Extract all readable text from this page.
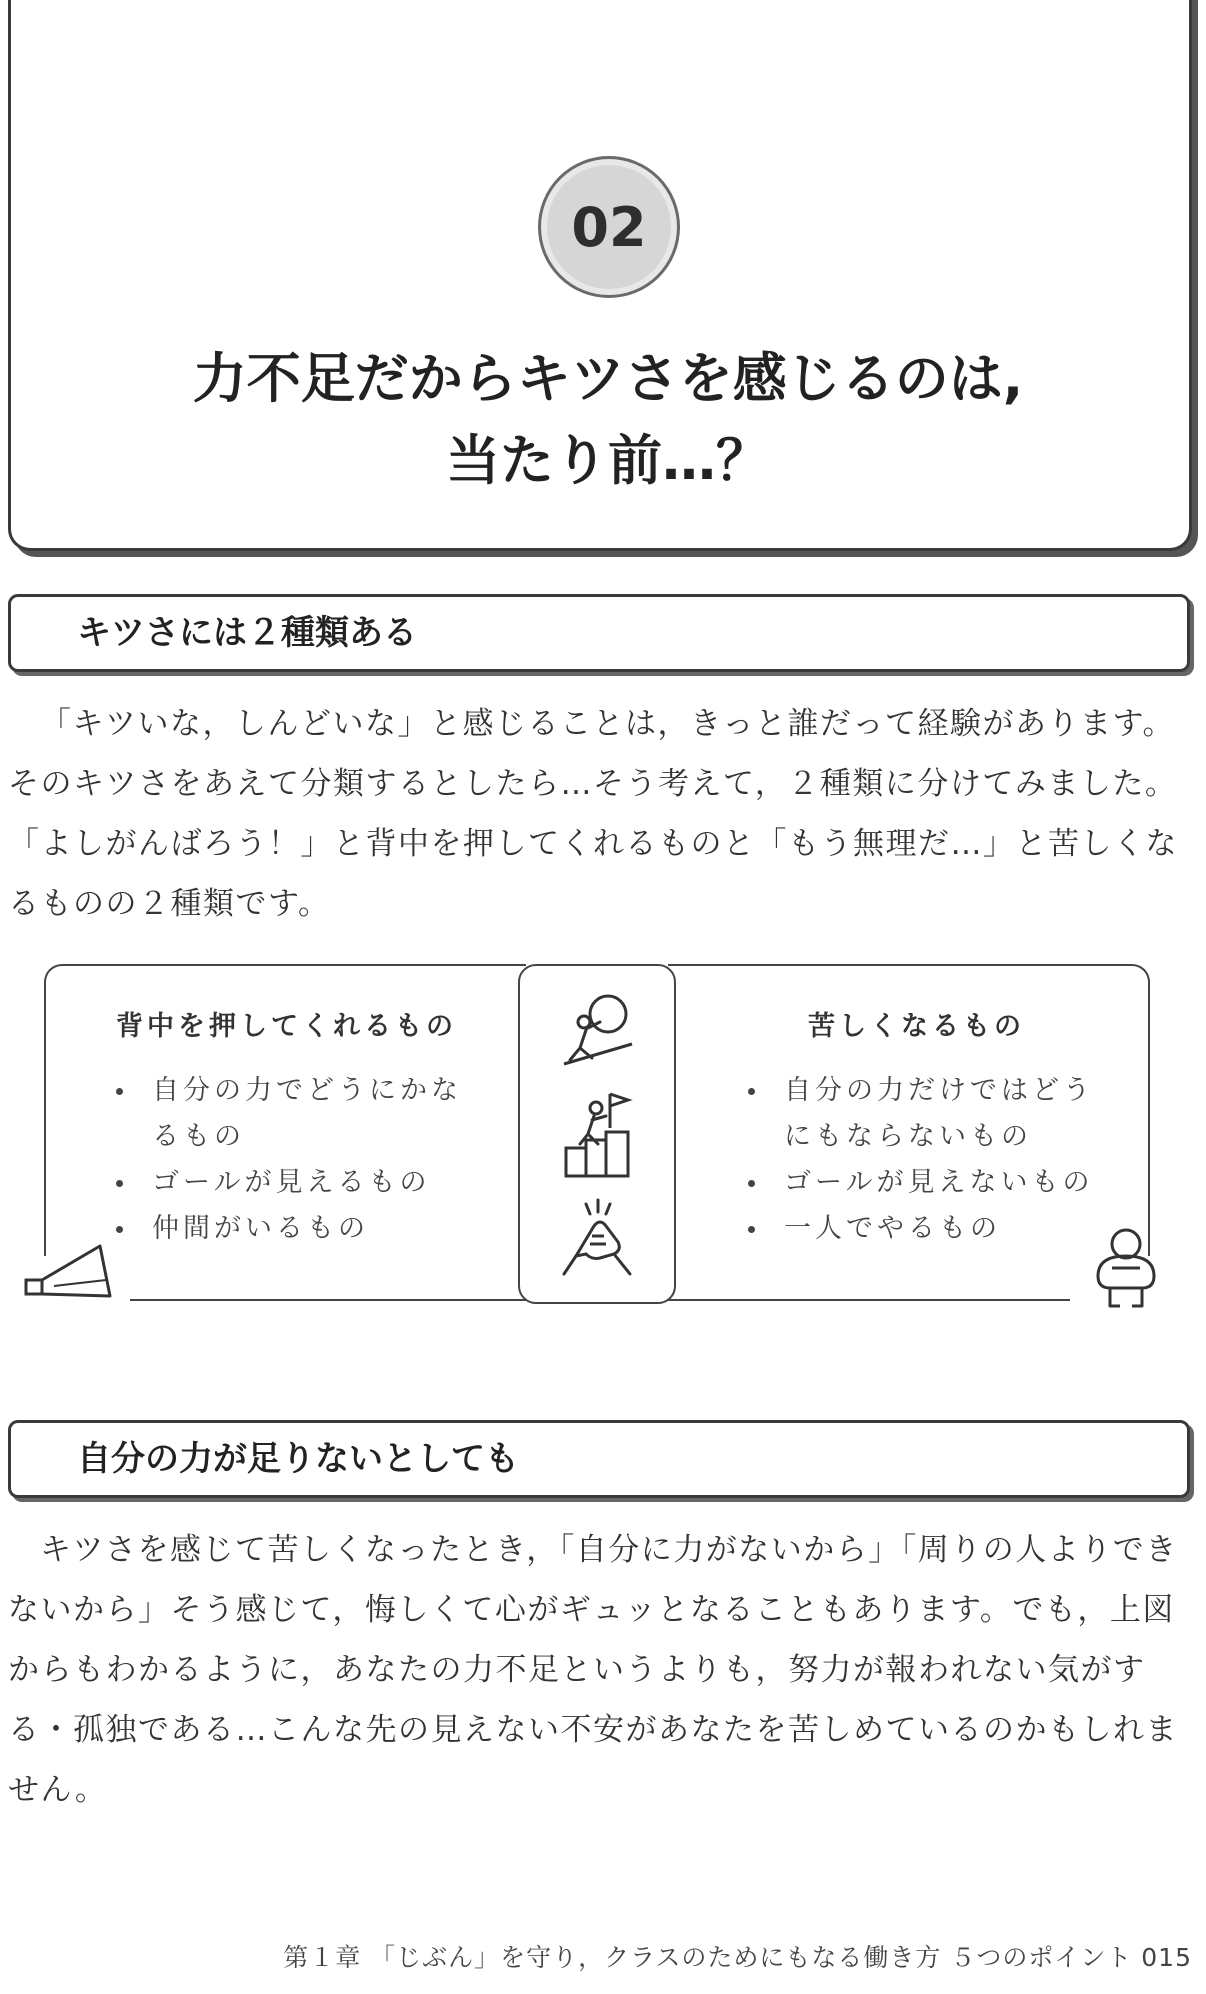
02
力不足だからキツさを感じるのは,
当たり前…？
キツさには２種類ある

「キツいな，しんどいな」と感じることは，きっと誰だって経験があります。そのキツさをあえて分類するとしたら…そう考えて，２種類に分けてみました。「よしがんばろう！」と背中を押してくれるものと「もう無理だ…」と苦しくなるものの２種類です。

背中を押してくれるもの
自分の力でどうにかなるもの
ゴールが見えるもの
仲間がいるもの
苦しくなるもの
自分の力だけではどうにもならないもの
ゴールが見えないもの
一人でやるもの
自分の力が足りないとしても

キツさを感じて苦しくなったとき，「自分に力がないから」「周りの人よりできないから」そう感じて，悔しくて心がギュッとなることもあります。でも，上図からもわかるように，あなたの力不足というよりも，努力が報われない気がする・孤独である…こんな先の見えない不安があなたを苦しめているのかもしれません。

第１章 「じぶん」を守り，クラスのためにもなる働き方 ５つのポイント 015
